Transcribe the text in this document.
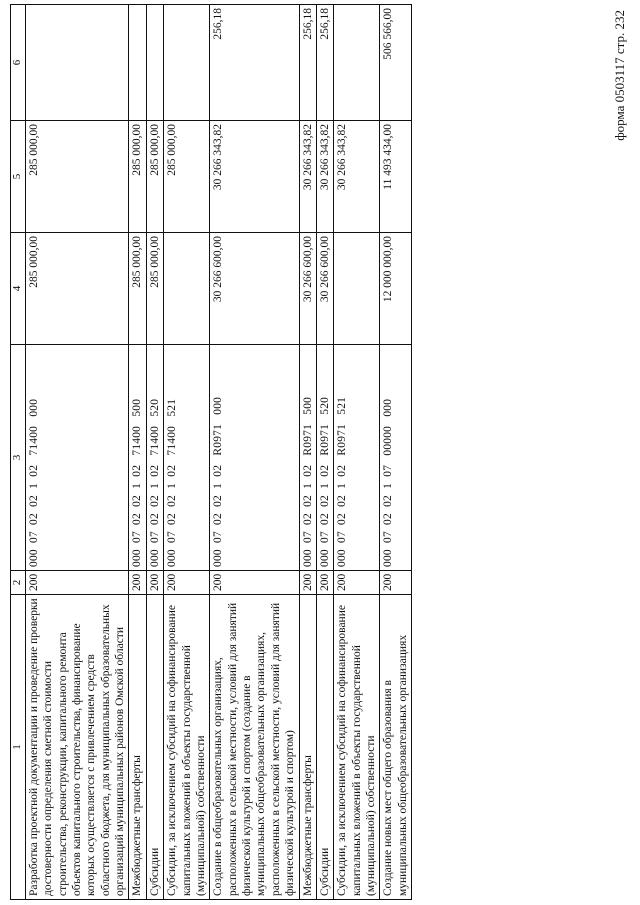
форма 0503117 стр. 232
1	2	3	4	5	6
Разработка проектной документации и проведение проверки достоверности определения сметной стоимости строительства, реконструкции, капитального ремонта объектов капитального строительства, финансирование которых осуществляется с привлечением средств областного бюджета, для муниципальных образовательных организаций муниципальных районов Омской области	200	000  07  02  02  1  02   71400   000	285 000,00	285 000,00	
Межбюджетные трансферты	200	000  07  02  02  1  02   71400   500	285 000,00	285 000,00	
Субсидии	200	000  07  02  02  1  02   71400   520	285 000,00	285 000,00	
Субсидии, за исключением субсидий на софинансирование капитальных вложений в объекты государственной (муниципальной) собственности	200	000  07  02  02  1  02   71400   521		285 000,00	
Создание в общеобразовательных организациях, расположенных в сельской местности, условий для занятий физической культурой и спортом (создание в муниципальных общеобразовательных организациях, расположенных в сельской местности, условий для занятий физической культурой и спортом)	200	000  07  02  02  1  02   R0971   000	30 266 600,00	30 266 343,82	256,18
Межбюджетные трансферты	200	000  07  02  02  1  02   R0971   500	30 266 600,00	30 266 343,82	256,18
Субсидии	200	000  07  02  02  1  02   R0971   520	30 266 600,00	30 266 343,82	256,18
Субсидии, за исключением субсидий на софинансирование капитальных вложений в объекты государственной (муниципальной) собственности	200	000  07  02  02  1  02   R0971   521		30 266 343,82	
Создание новых мест общего образования в муниципальных общеобразовательных организациях	200	000  07  02  02  1  07   00000   000	12 000 000,00	11 493 434,00	506 566,00
